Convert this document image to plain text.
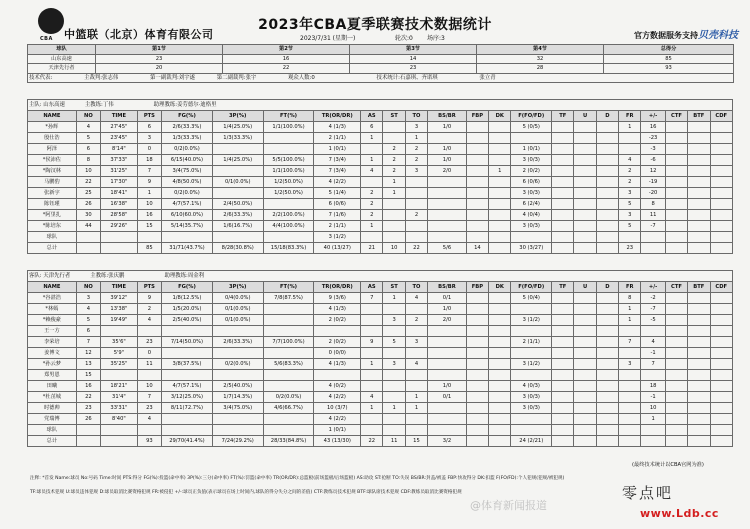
CBA 中篮联（北京）体育有限公司
2023年CBA夏季联赛技术数据统计
2023/7/31 (星期一)	轮次:0 场序:3	官方数据服务支持贝壳科技
球队	第1节	第2节	第3节	第4节	总得分
山东高速	23	16	14	32	85
天津先行者	20	22	23	28	93
技术代表: 主裁判:张志伟 第一副裁判:刘宇遂 第二副裁判:张宇 观众人数:0 技术统计:石嘉琪、齐诺琪 张立青					
主队: 山东高速 主教练:丁伟 助理教练:姜劳德尔·迪格里																						
NAME	NO	TIME	PTS	FG(%)	3P(%)	FT(%)	TR(OR/DR)	AS	ST	TO	BS/BR	FBP	DK	F(FO/FD)	TF	U	D	FR	+/-	CTF	BTF	CDF
*孙辉	4	27'45"	6	2/6(33.3%)	1/4(25.0%)	1/1(100.0%)	4 (1/3)	6		3	1/0			5 (0/5)				1	16			
殷仕浩	5	23'45"	3	1/3(33.3%)	1/3(33.3%)		2 (1/1)	1		1									-23			
阿泽	6	8'14"	0	0/2(0.0%)			1 (0/1)		2	2	1/0			1 (0/1)					-3			
*侯沛佐	8	37'33"	18	6/15(40.0%)	1/4(25.0%)	5/5(100.0%)	7 (3/4)	1	2	2	1/0			3 (0/3)				4	-6			
*陶汉林	10	31'25"	7	3/4(75.0%)		1/1(100.0%)	7 (3/4)	4	2	3	2/0		1	2 (0/2)				2	12			
马鹏豹	22	17'30"	9	4/8(50.0%)	0/1(0.0%)	1/2(50.0%)	4 (2/2)		1					6 (0/6)				2	-19			
张新宇	25	18'41"	1	0/2(0.0%)		1/2(50.0%)	5 (1/4)	2	1					3 (0/3)				3	-20			
陈钰瑾	26	16'38"	10	4/7(57.1%)	2/4(50.0%)		6 (0/6)	2						6 (2/4)				5	8			
*阿里扎	30	28'58"	16	6/10(60.0%)	2/6(33.3%)	2/2(100.0%)	7 (1/6)	2		2				4 (0/4)				3	11			
*陈培东	44	29'26"	15	5/14(35.7%)	1/6(16.7%)	4/4(100.0%)	2 (1/1)	1						3 (0/3)				5	-7			
球队							3 (1/2)															
总计			85	31/71(43.7%)	8/28(30.8%)	15/18(83.3%)	40 (13/27)	21	10	22	5/6	14		30 (3/27)				23				
客队: 天津先行者 主教练:张庆鹏 助理教练:周金利																						
NAME	NO	TIME	PTS	FG(%)	3P(%)	FT(%)	TR(OR/DR)	AS	ST	TO	BS/BR	FBP	DK	F(FO/FD)	TF	U	D	FR	+/-	CTF	BTF	CDF
*谷湛浩	3	39'12"	9	1/8(12.5%)	0/4(0.0%)	7/8(87.5%)	9 (3/6)	7	1	4	0/1			5 (0/4)				8	-2			
*林嫣	4	13'38"	2	1/5(20.0%)	0/1(0.0%)		4 (1/3)				1/0							1	-7			
*赖俊豪	5	19'49"	4	2/5(40.0%)	0/1(0.0%)		2 (0/2)		3	2	2/0			3 (1/2)				1	-5			
王一方	6																					
李荣培	7	35'6"	23	7/14(50.0%)	2/6(33.3%)	7/7(100.0%)	2 (0/2)	9	5	3				2 (1/1)				7	4			
姜博文	12	5'9"	0				0 (0/0)												-1			
*孙云梦	13	35'25"	11	3/8(37.5%)	0/2(0.0%)	5/6(83.3%)	4 (1/3)	1	3	4				3 (1/2)				3	7			
郑男恩	15																					
田曦	16	18'21"	10	4/7(57.1%)	2/5(40.0%)		4 (0/2)				1/0			4 (0/3)					18			
*杜茁城	22	31'4"	7	3/12(25.0%)	1/7(14.3%)	0/2(0.0%)	4 (2/2)	4		1	0/1			3 (0/3)					-1			
时德帅	23	33'31"	23	8/11(72.7%)	3/4(75.0%)	4/6(66.7%)	10 (3/7)	1	1	1				3 (0/3)					10			
党瑞博	26	8'40"	4				4 (2/2)												1			
球队							1 (0/1)															
总计			93	29/70(41.4%)	7/24(29.2%)	28/33(84.8%)	43 (13/30)	22	11	15	3/2			24 (2/21)								
(最终技术统计以CBA官网为准)
注释: *首发 Name:球员 No:号码 Time:时间 PTS:得分 FG(%):投篮(命中率) 3P(%):三分(命中率) FT(%):罚篮(命中率) TR(OR/DR):总篮板(前场篮板/后场篮板) AS:助攻 ST:抢断 TO:失误 BS/BR:封盖/被盖 FBP:快攻得分 DK:扣篮 F(FO/FD):个人犯规(犯规/被犯规)
TF:球员技术犯规 U:球员违体犯规 D:球员取消比赛资格犯规 FR:被侵犯 +/-:球员正负值(表示球员在场上时间内,球队的得分失分之间的差值) CTF:教练员技术犯规 BTF:球队席技术犯规 CDF:教练员取消比赛资格犯规
@体育新闻报道
零点吧
www.Ldb.cc
